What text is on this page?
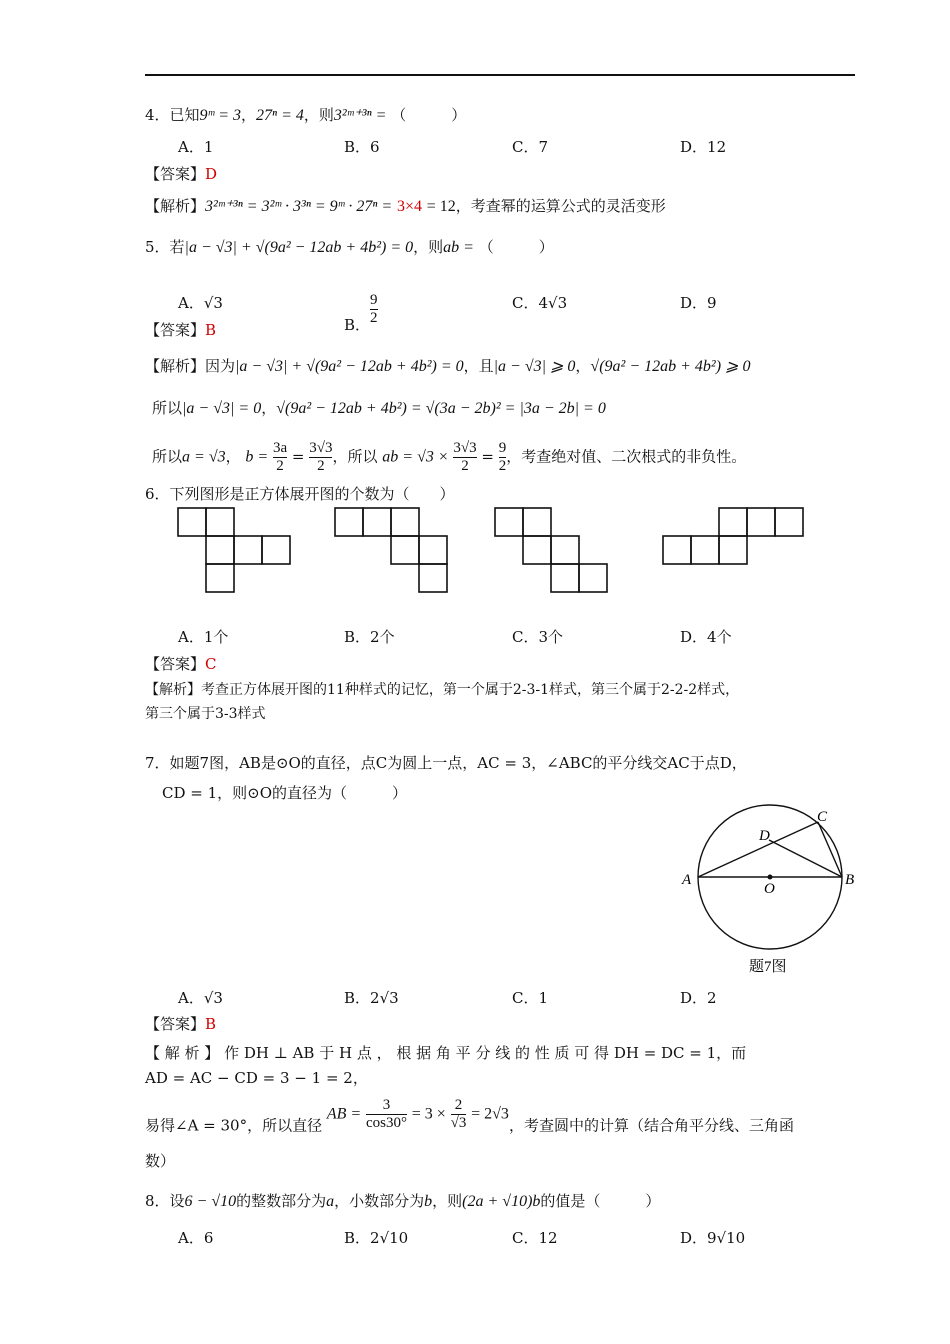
4．已知9ᵐ = 3，27ⁿ = 4，则3²ᵐ⁺³ⁿ = （　　　）
A．1	B．6	C．7	D．12
【答案】D
【解析】3²ᵐ⁺³ⁿ = 3²ᵐ · 3³ⁿ = 9ᵐ · 27ⁿ = 3×4 = 12，考查幂的运算公式的灵活变形
5．若|a − √3| + √(9a² − 12ab + 4b²) = 0，则ab = （　　　）
A．√3
B． $\frac{9}{2}$	C．4√3	D．9
【答案】B
【解析】因为|a − √3| + √(9a² − 12ab + 4b²) = 0，且|a − √3| ⩾ 0，√(9a² − 12ab + 4b²) ⩾ 0
所以|a − √3| = 0，√(9a² − 12ab + 4b²) = √(3a − 2b)² = |3a − 2b| = 0
所以a = √3， $b = \frac{3a}{2} = \frac{3√3}{2}$ ，所以 ab = $√3 \times \frac{3√3}{2} = \frac{9}{2}$ ，考查绝对值、二次根式的非负性。
6．下列图形是正方体展开图的个数为（　　）
A．1个	B．2个	C．3个	D．4个
【答案】C
【解析】考查正方体展开图的11种样式的记忆，第一个属于2-3-1样式，第三个属于2-2-2样式，
第三个属于3-3样式
7．如题7图，AB是⊙O的直径，点C为圆上一点，AC = 3，∠ABC的平分线交AC于点D，
CD = 1，则⊙O的直径为（　　　）
A	B
C
D
O
题7图
A．√3	B．2√3	C．1	D．2
【答案】B
【 解 析 】 作 DH ⊥ AB 于 H 点 ， 根 据 角 平 分 线 的 性 质 可 得 DH = DC = 1，而
AD = AC − CD = 3 − 1 = 2，
易得∠A = 30°，所以直径 AB = $\frac{3}{\cos 30^\circ} = 3 \times \frac{2}{√3} = 2√3$，考查圆中的计算（结合角平分线、三角函
数）
8．设6 − √10的整数部分为a，小数部分为b，则(2a + √10)b的值是（　　　）
A．6	B．2√10	C．12	D．9√10
